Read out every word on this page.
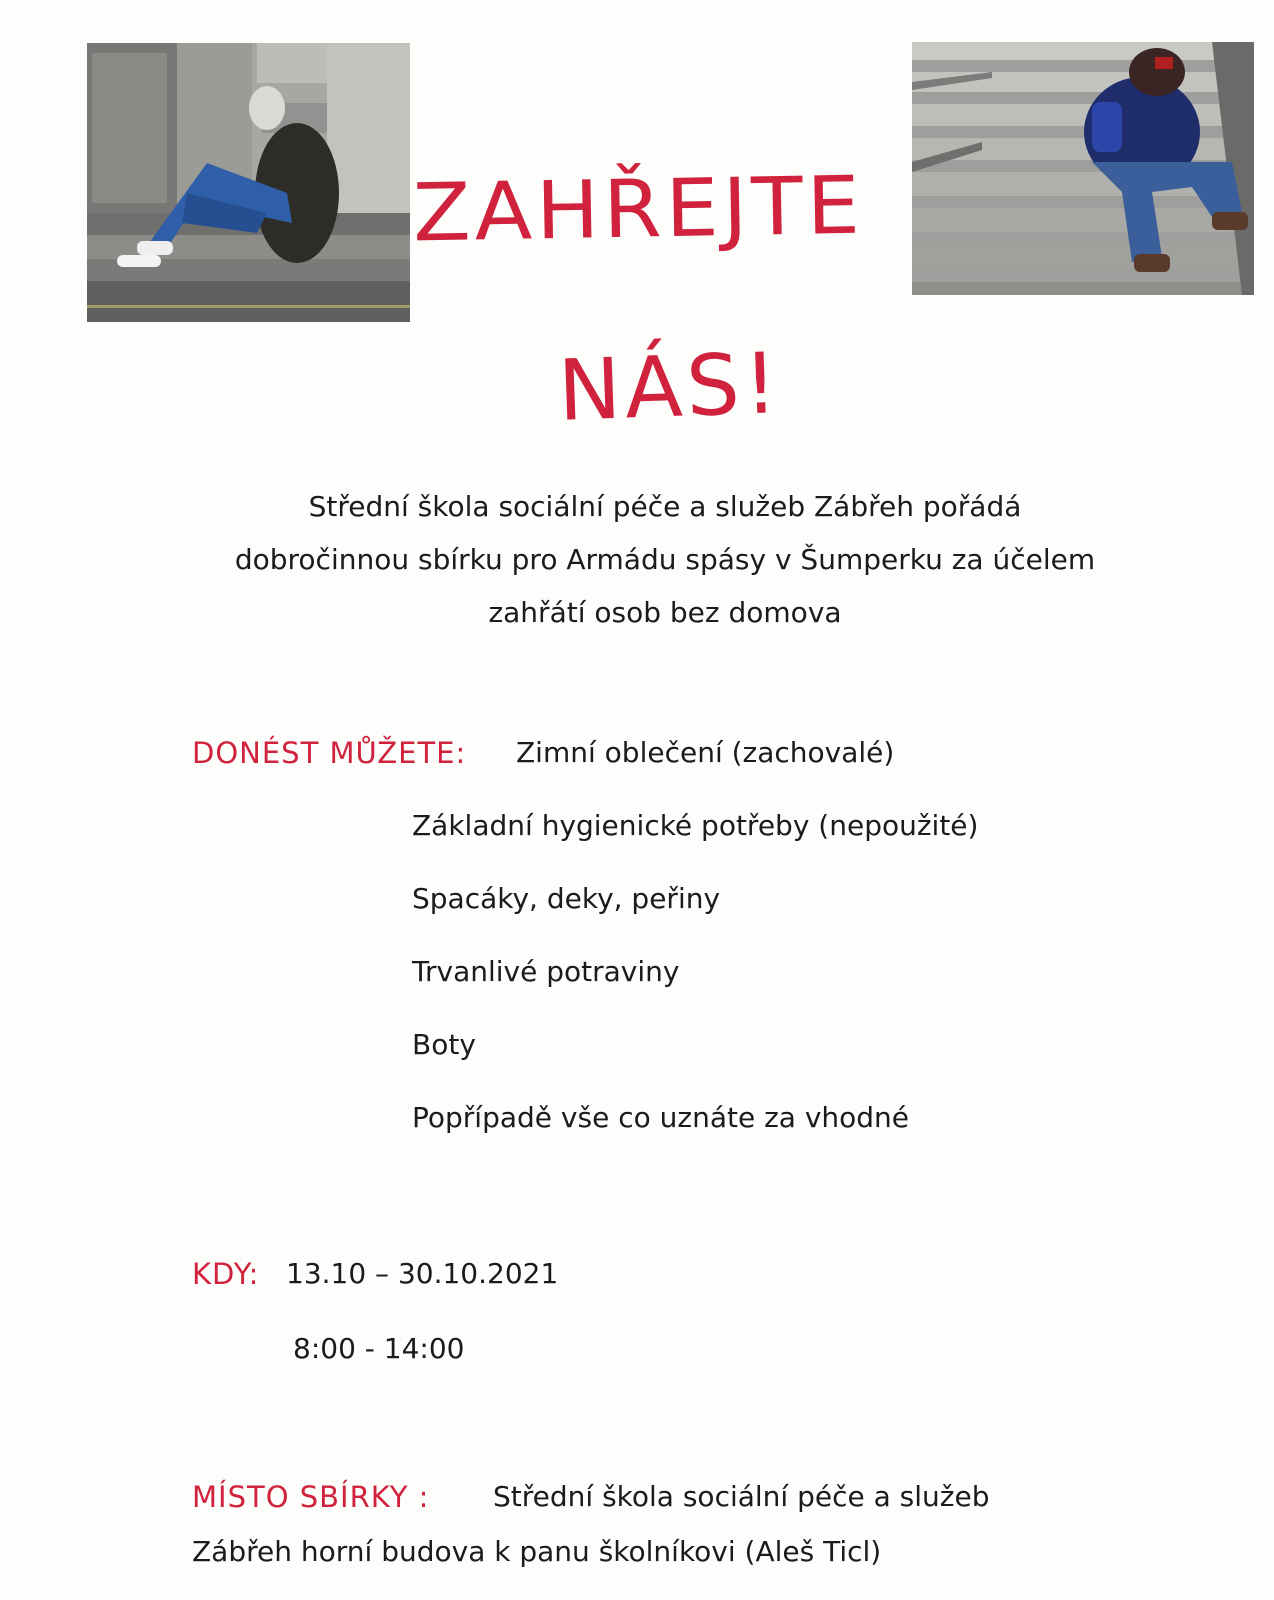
ZAHŘEJTE
NÁS!
Střední škola sociální péče a služeb Zábřeh pořádá
dobročinnou sbírku pro Armádu spásy v Šumperku za účelem
zahřátí osob bez domova
DONÉST MŮŽETE: Zimní oblečení (zachovalé)
Základní hygienické potřeby (nepoužité)
Spacáky, deky, peřiny
Trvanlivé potraviny
Boty
Popřípadě vše co uznáte za vhodné
KDY: 13.10 – 30.10.2021
8:00 - 14:00
MÍSTO SBÍRKY : Střední škola sociální péče a služeb
Zábřeh horní budova k panu školníkovi (Aleš Ticl)
